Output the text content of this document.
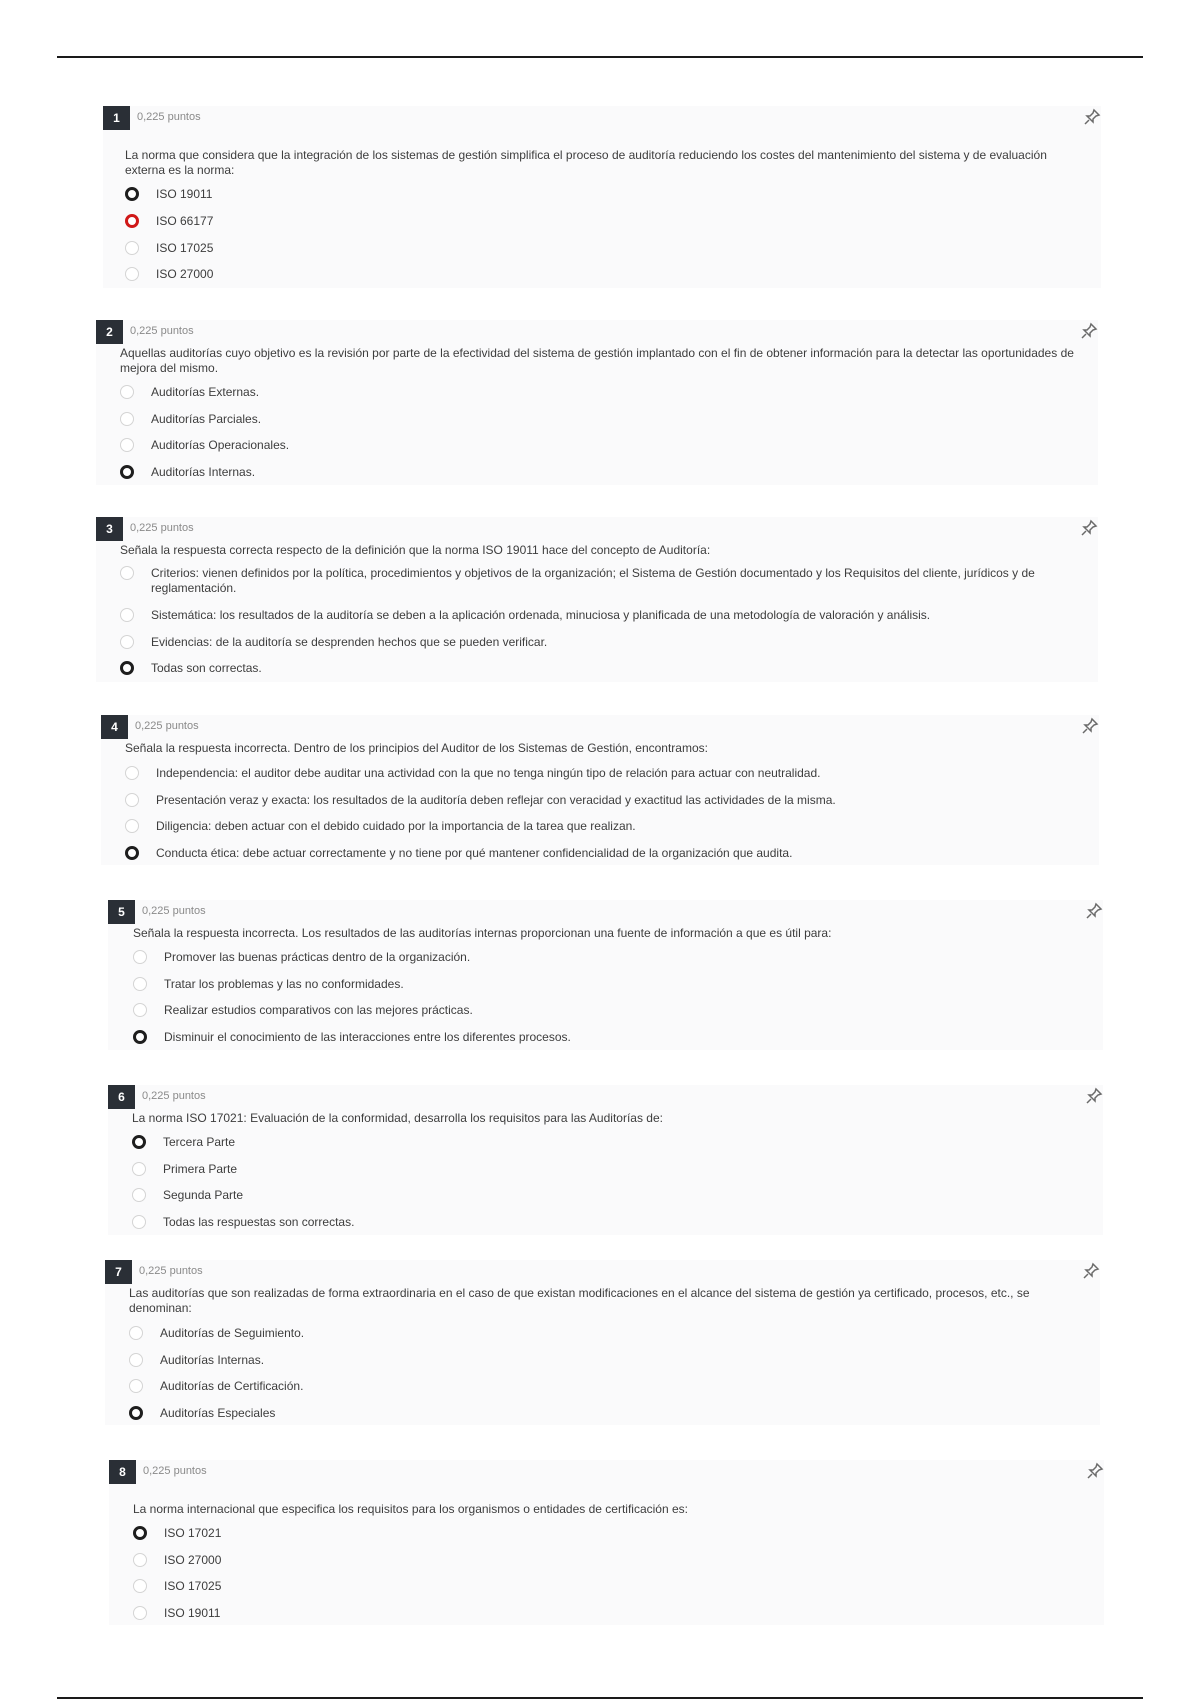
1	0,225 puntos
La norma que considera que la integración de los sistemas de gestión simplifica el proceso de auditoría reduciendo los costes del mantenimiento del sistema y de evaluación externa es la norma:
ISO 19011
ISO 66177
ISO 17025
ISO 27000
2	0,225 puntos
Aquellas auditorías cuyo objetivo es la revisión por parte de la efectividad del sistema de gestión implantado con el fin de obtener información para la detectar las oportunidades de mejora del mismo.
Auditorías Externas.
Auditorías Parciales.
Auditorías Operacionales.
Auditorías Internas.
3	0,225 puntos
Señala la respuesta correcta respecto de la definición que la norma ISO 19011 hace del concepto de Auditoría:
Criterios: vienen definidos por la política, procedimientos y objetivos de la organización; el Sistema de Gestión documentado y los Requisitos del cliente, jurídicos y de reglamentación.
Sistemática: los resultados de la auditoría se deben a la aplicación ordenada, minuciosa y planificada de una metodología de valoración y análisis.
Evidencias: de la auditoría se desprenden hechos que se pueden verificar.
Todas son correctas.
4	0,225 puntos
Señala la respuesta incorrecta. Dentro de los principios del Auditor de los Sistemas de Gestión, encontramos:
Independencia: el auditor debe auditar una actividad con la que no tenga ningún tipo de relación para actuar con neutralidad.
Presentación veraz y exacta: los resultados de la auditoría deben reflejar con veracidad y exactitud las actividades de la misma.
Diligencia: deben actuar con el debido cuidado por la importancia de la tarea que realizan.
Conducta ética: debe actuar correctamente y no tiene por qué mantener confidencialidad de la organización que audita.
5	0,225 puntos
Señala la respuesta incorrecta. Los resultados de las auditorías internas proporcionan una fuente de información a que es útil para:
Promover las buenas prácticas dentro de la organización.
Tratar los problemas y las no conformidades.
Realizar estudios comparativos con las mejores prácticas.
Disminuir el conocimiento de las interacciones entre los diferentes procesos.
6	0,225 puntos
La norma ISO 17021: Evaluación de la conformidad, desarrolla los requisitos para las Auditorías de:
Tercera Parte
Primera Parte
Segunda Parte
Todas las respuestas son correctas.
7	0,225 puntos
Las auditorías que son realizadas de forma extraordinaria en el caso de que existan modificaciones en el alcance del sistema de gestión ya certificado, procesos, etc., se denominan:
Auditorías de Seguimiento.
Auditorías Internas.
Auditorías de Certificación.
Auditorías Especiales
8	0,225 puntos
La norma internacional que especifica los requisitos para los organismos o entidades de certificación es:
ISO 17021
ISO 27000
ISO 17025
ISO 19011
